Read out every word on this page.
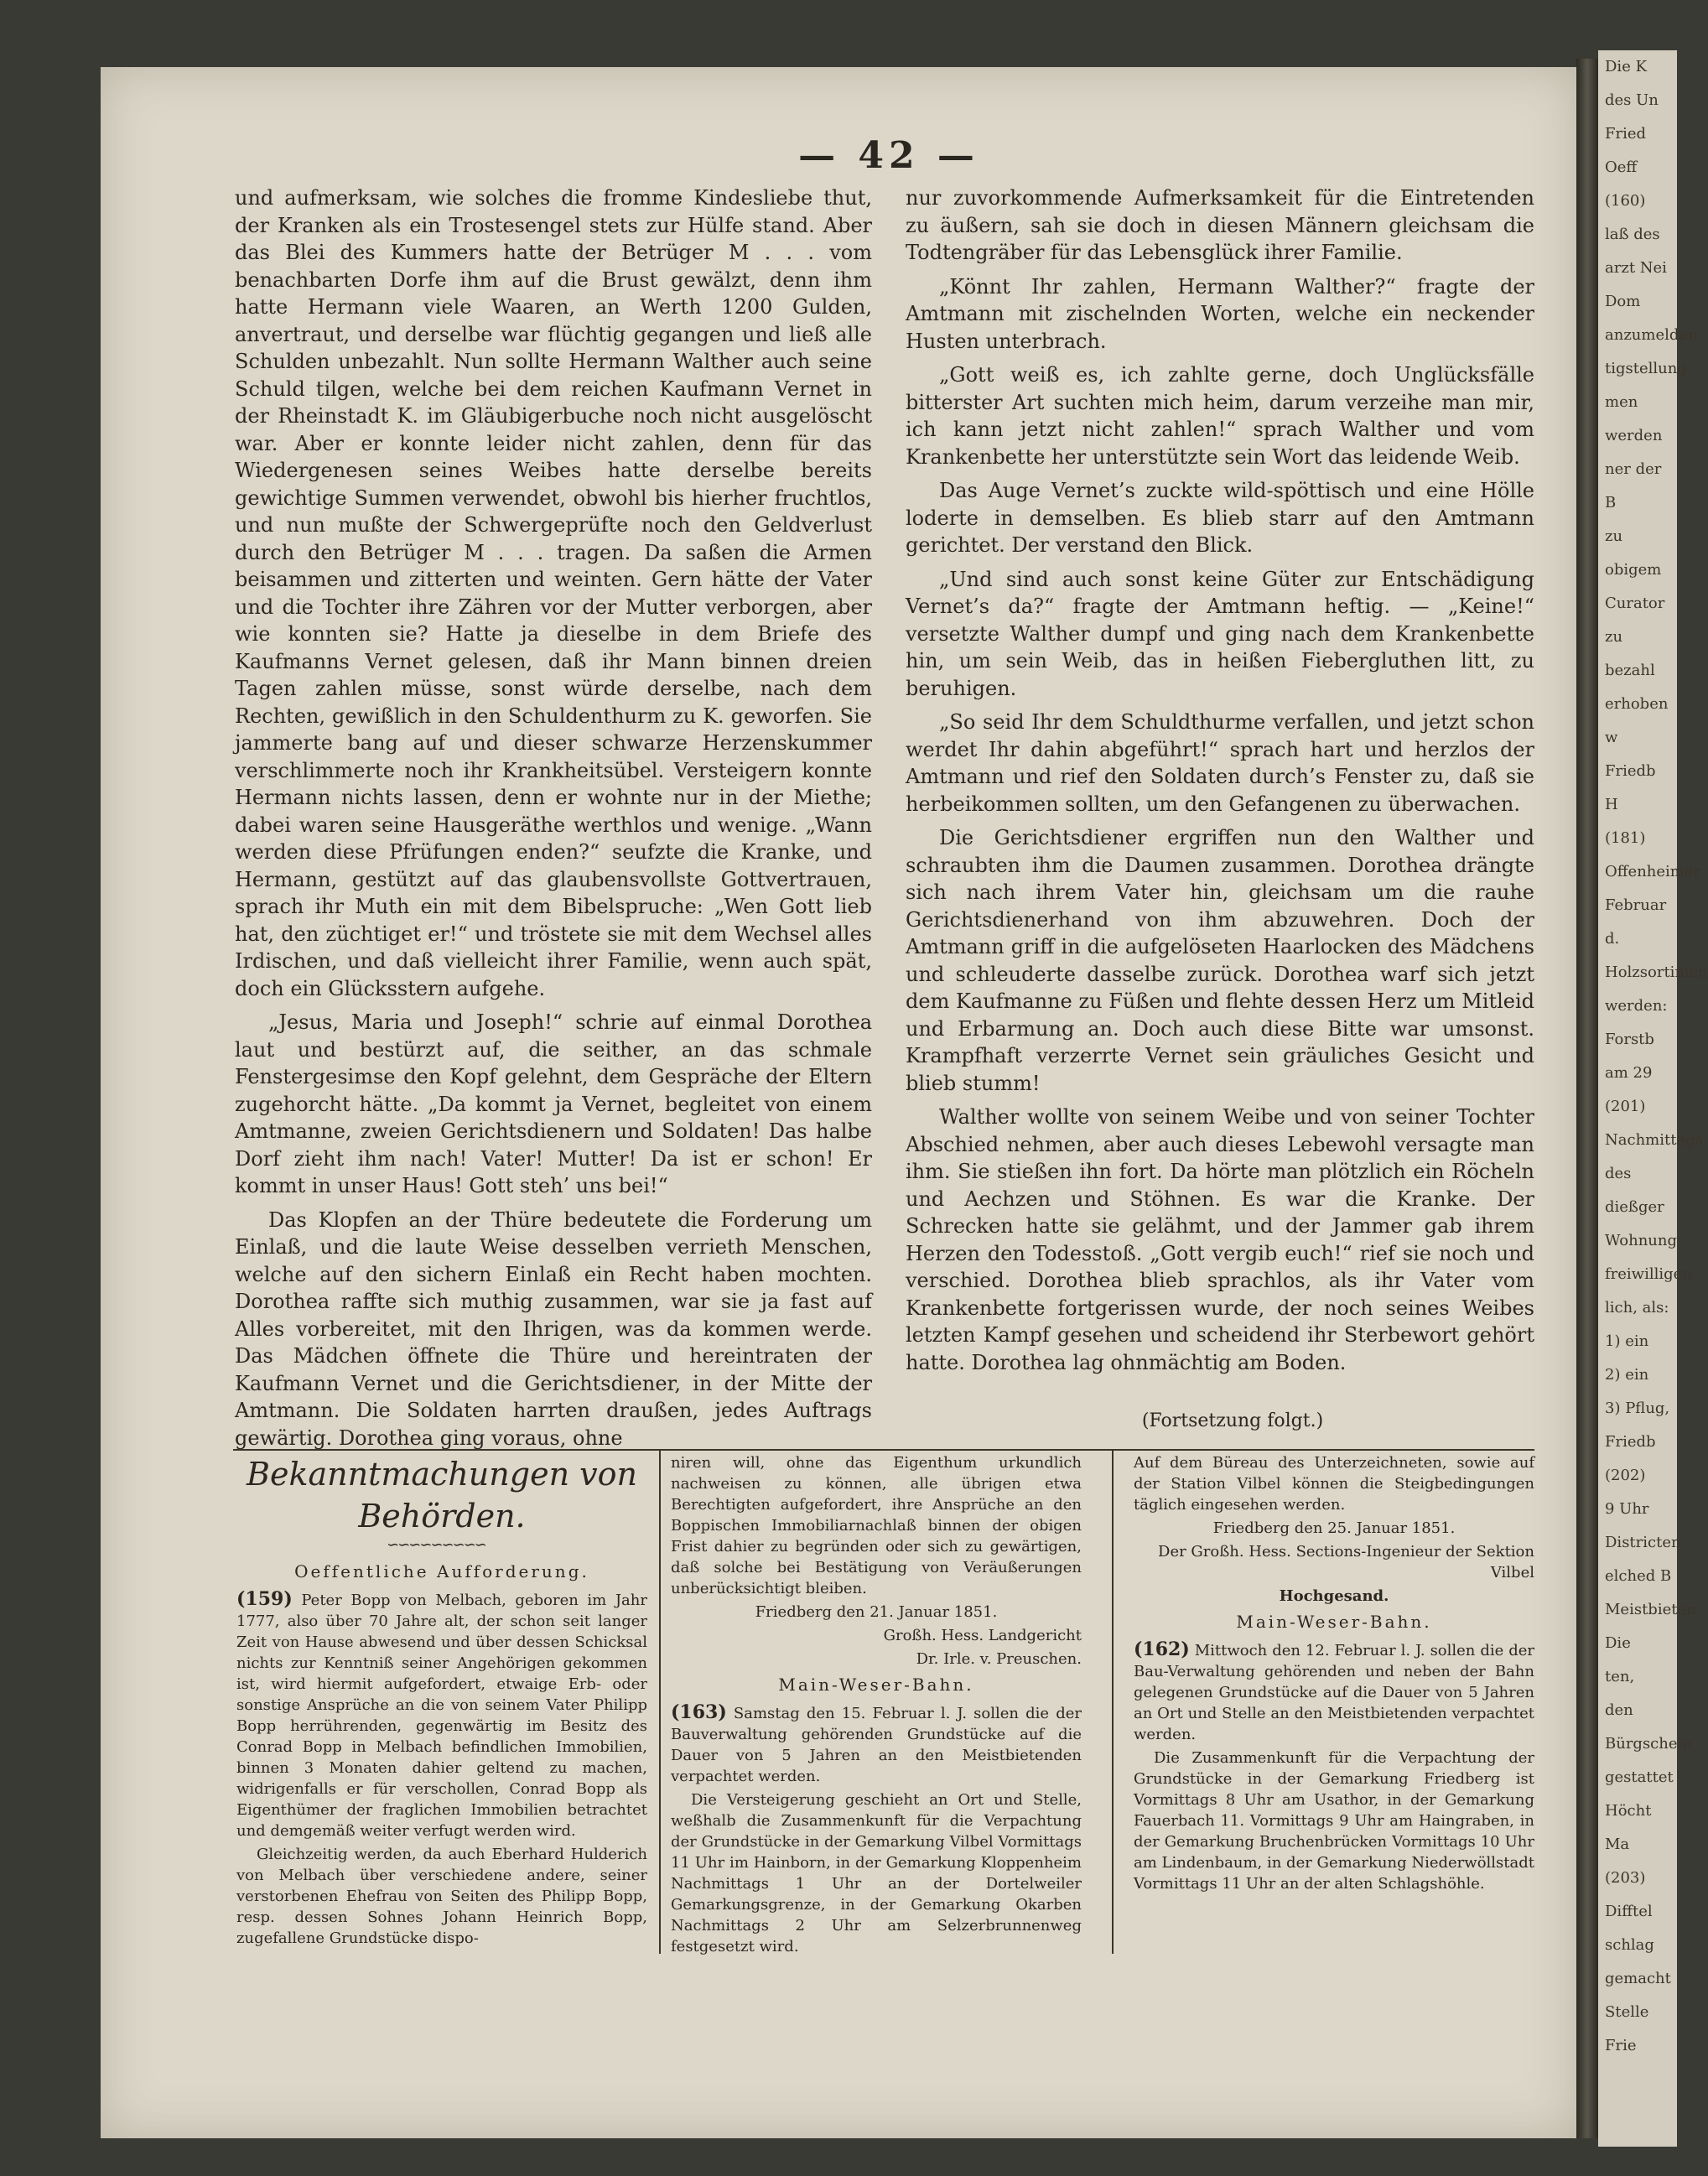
Die K
des Un
Fried
Oeff
(160)
laß des
arzt Nei
Dom
anzumelden
tigstellung
men werden
ner der B
zu obigem
Curator
zu bezahl
erhoben w
Friedb
H
(181)
Offenheimer
Februar d.
Holzsortimen
werden:
Forstb
am 29
(201)
Nachmittags
des dießger
Wohnung
freiwilligen
lich, als:
1) ein
2) ein
3) Pflug,
Friedb
(202)
9 Uhr
Districten
elched B
Meistbieten
Die
ten,
den
Bürgschein
gestattet
Höcht
Ma
(203)
Difftel
schlag
gemacht
Stelle
Frie
— 42 —

und aufmerksam, wie solches die fromme Kindesliebe thut, der Kranken als ein Trostesengel stets zur Hülfe stand. Aber das Blei des Kummers hatte der Betrüger M . . . vom benachbarten Dorfe ihm auf die Brust gewälzt, denn ihm hatte Hermann viele Waaren, an Werth 1200 Gulden, anvertraut, und derselbe war flüchtig gegangen und ließ alle Schulden unbezahlt. Nun sollte Hermann Walther auch seine Schuld tilgen, welche bei dem reichen Kaufmann Vernet in der Rheinstadt K. im Gläubigerbuche noch nicht ausgelöscht war. Aber er konnte leider nicht zahlen, denn für das Wiedergenesen seines Weibes hatte derselbe bereits gewichtige Summen verwendet, obwohl bis hierher fruchtlos, und nun mußte der Schwergeprüfte noch den Geldverlust durch den Betrüger M . . . tragen. Da saßen die Armen beisammen und zitterten und weinten. Gern hätte der Vater und die Tochter ihre Zähren vor der Mutter verborgen, aber wie konnten sie? Hatte ja dieselbe in dem Briefe des Kaufmanns Vernet gelesen, daß ihr Mann binnen dreien Tagen zahlen müsse, sonst würde derselbe, nach dem Rechten, gewißlich in den Schuldenthurm zu K. geworfen. Sie jammerte bang auf und dieser schwarze Herzenskummer verschlimmerte noch ihr Krankheitsübel. Versteigern konnte Hermann nichts lassen, denn er wohnte nur in der Miethe; dabei waren seine Hausgeräthe werthlos und wenige. „Wann werden diese Pfrüfungen enden?“ seufzte die Kranke, und Hermann, gestützt auf das glaubensvollste Gottvertrauen, sprach ihr Muth ein mit dem Bibelspruche: „Wen Gott lieb hat, den züchtiget er!“ und tröstete sie mit dem Wechsel alles Irdischen, und daß vielleicht ihrer Familie, wenn auch spät, doch ein Glücksstern aufgehe.

„Jesus, Maria und Joseph!“ schrie auf einmal Dorothea laut und bestürzt auf, die seither, an das schmale Fenstergesimse den Kopf gelehnt, dem Gespräche der Eltern zugehorcht hätte. „Da kommt ja Vernet, begleitet von einem Amtmanne, zweien Gerichtsdienern und Soldaten! Das halbe Dorf zieht ihm nach! Vater! Mutter! Da ist er schon! Er kommt in unser Haus! Gott steh’ uns bei!“

Das Klopfen an der Thüre bedeutete die Forderung um Einlaß, und die laute Weise desselben verrieth Menschen, welche auf den sichern Einlaß ein Recht haben mochten. Dorothea raffte sich muthig zusammen, war sie ja fast auf Alles vorbereitet, mit den Ihrigen, was da kommen werde. Das Mädchen öffnete die Thüre und hereintraten der Kaufmann Vernet und die Gerichtsdiener, in der Mitte der Amtmann. Die Soldaten harrten draußen, jedes Auftrags gewärtig. Dorothea ging voraus, ohne

nur zuvorkommende Aufmerksamkeit für die Eintretenden zu äußern, sah sie doch in diesen Männern gleichsam die Todtengräber für das Lebensglück ihrer Familie.

„Könnt Ihr zahlen, Hermann Walther?“ fragte der Amtmann mit zischelnden Worten, welche ein neckender Husten unterbrach.

„Gott weiß es, ich zahlte gerne, doch Unglücksfälle bitterster Art suchten mich heim, darum verzeihe man mir, ich kann jetzt nicht zahlen!“ sprach Walther und vom Krankenbette her unterstützte sein Wort das leidende Weib.

Das Auge Vernet’s zuckte wild-spöttisch und eine Hölle loderte in demselben. Es blieb starr auf den Amtmann gerichtet. Der verstand den Blick.

„Und sind auch sonst keine Güter zur Entschädigung Vernet’s da?“ fragte der Amtmann heftig. — „Keine!“ versetzte Walther dumpf und ging nach dem Krankenbette hin, um sein Weib, das in heißen Fiebergluthen litt, zu beruhigen.

„So seid Ihr dem Schuldthurme verfallen, und jetzt schon werdet Ihr dahin abgeführt!“ sprach hart und herzlos der Amtmann und rief den Soldaten durch’s Fenster zu, daß sie herbeikommen sollten, um den Gefangenen zu überwachen.

Die Gerichtsdiener ergriffen nun den Walther und schraubten ihm die Daumen zusammen. Dorothea drängte sich nach ihrem Vater hin, gleichsam um die rauhe Gerichtsdienerhand von ihm abzuwehren. Doch der Amtmann griff in die aufgelöseten Haarlocken des Mädchens und schleuderte dasselbe zurück. Dorothea warf sich jetzt dem Kaufmanne zu Füßen und flehte dessen Herz um Mitleid und Erbarmung an. Doch auch diese Bitte war umsonst. Krampfhaft verzerrte Vernet sein gräuliches Gesicht und blieb stumm!

Walther wollte von seinem Weibe und von seiner Tochter Abschied nehmen, aber auch dieses Lebewohl versagte man ihm. Sie stießen ihn fort. Da hörte man plötzlich ein Röcheln und Aechzen und Stöhnen. Es war die Kranke. Der Schrecken hatte sie gelähmt, und der Jammer gab ihrem Herzen den Todesstoß. „Gott vergib euch!“ rief sie noch und verschied. Dorothea blieb sprachlos, als ihr Vater vom Krankenbette fortgerissen wurde, der noch seines Weibes letzten Kampf gesehen und scheidend ihr Sterbewort gehört hatte. Dorothea lag ohnmächtig am Boden.

(Fortsetzung folgt.)
Bekanntmachungen von Behörden.
∽∽∽∽∽∽∽∽∽

Oeffentliche Aufforderung.

(159) Peter Bopp von Melbach, geboren im Jahr 1777, also über 70 Jahre alt, der schon seit langer Zeit von Hause abwesend und über dessen Schicksal nichts zur Kenntniß seiner Angehörigen gekommen ist, wird hiermit aufgefordert, etwaige Erb- oder sonstige Ansprüche an die von seinem Vater Philipp Bopp herrührenden, gegenwärtig im Besitz des Conrad Bopp in Melbach befindlichen Immobilien, binnen 3 Monaten dahier geltend zu machen, widrigenfalls er für verschollen, Conrad Bopp als Eigenthümer der fraglichen Immobilien betrachtet und demgemäß weiter verfugt werden wird.

Gleichzeitig werden, da auch Eberhard Hulderich von Melbach über verschiedene andere, seiner verstorbenen Ehefrau von Seiten des Philipp Bopp, resp. dessen Sohnes Johann Heinrich Bopp, zugefallene Grundstücke dispo-

niren will, ohne das Eigenthum urkundlich nachweisen zu können, alle übrigen etwa Berechtigten aufgefordert, ihre Ansprüche an den Boppischen Immobiliarnachlaß binnen der obigen Frist dahier zu begründen oder sich zu gewärtigen, daß solche bei Bestätigung von Veräußerungen unberücksichtigt bleiben.

Friedberg den 21. Januar 1851.

Großh. Hess. Landgericht

Dr. Irle. v. Preuschen.

Main-Weser-Bahn.

(163) Samstag den 15. Februar l. J. sollen die der Bauverwaltung gehörenden Grundstücke auf die Dauer von 5 Jahren an den Meistbietenden verpachtet werden.

Die Versteigerung geschieht an Ort und Stelle, weßhalb die Zusammenkunft für die Verpachtung der Grundstücke in der Gemarkung Vilbel Vormittags 11 Uhr im Hainborn, in der Gemarkung Kloppenheim Nachmittags 1 Uhr an der Dortelweiler Gemarkungsgrenze, in der Gemarkung Okarben Nachmittags 2 Uhr am Selzerbrunnenweg festgesetzt wird.

Auf dem Büreau des Unterzeichneten, sowie auf der Station Vilbel können die Steigbedingungen täglich eingesehen werden.

Friedberg den 25. Januar 1851.

Der Großh. Hess. Sections-Ingenieur der Sektion Vilbel

Hochgesand.

Main-Weser-Bahn.

(162) Mittwoch den 12. Februar l. J. sollen die der Bau-Verwaltung gehörenden und neben der Bahn gelegenen Grundstücke auf die Dauer von 5 Jahren an Ort und Stelle an den Meistbietenden verpachtet werden.

Die Zusammenkunft für die Verpachtung der Grundstücke in der Gemarkung Friedberg ist Vormittags 8 Uhr am Usathor, in der Gemarkung Fauerbach 11. Vormittags 9 Uhr am Haingraben, in der Gemarkung Bruchenbrücken Vormittags 10 Uhr am Lindenbaum, in der Gemarkung Niederwöllstadt Vormittags 11 Uhr an der alten Schlagshöhle.
